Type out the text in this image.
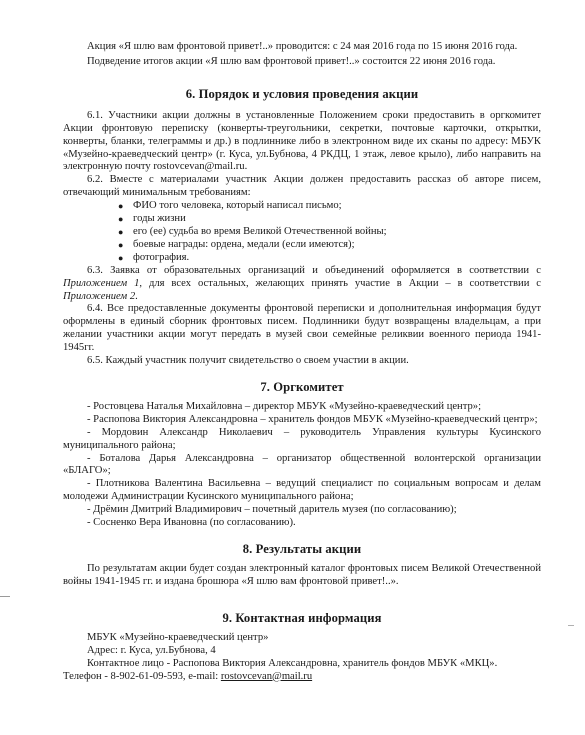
Акция «Я шлю вам фронтовой привет!..» проводится: с 24 мая 2016 года по 15 июня 2016 года.

Подведение итогов акции «Я шлю вам фронтовой привет!..» состоится 22 июня 2016 года.

6. Порядок и условия проведения акции

6.1. Участники акции должны в установленные Положением сроки предоставить в оргкомитет Акции фронтовую переписку (конверты-треугольники, секретки, почтовые карточки, открытки, конверты, бланки, телеграммы и др.) в подлиннике либо в электронном виде их сканы по адресу: МБУК «Музейно-краеведческий центр» (г. Куса, ул.Бубнова, 4 РКДЦ, 1 этаж, левое крыло), либо направить на электронную почту rostovcevan@mail.ru.

6.2. Вместе с материалами участник Акции должен предоставить рассказ об авторе писем, отвечающий минимальным требованиям:

● ФИО того человека, который написал письмо;
● годы жизни
● его (ее) судьба во время Великой Отечественной войны;
● боевые награды: ордена, медали (если имеются);
● фотография.

6.3. Заявка от образовательных организаций и объединений оформляется в соответствии с Приложением 1, для всех остальных, желающих принять участие в Акции – в соответствии с Приложением 2.

6.4. Все предоставленные документы фронтовой переписки и дополнительная информация будут оформлены в единый сборник фронтовых писем. Подлинники будут возвращены владельцам, а при желании участники акции могут передать в музей свои семейные реликвии военного периода 1941-1945гг.

6.5. Каждый участник получит свидетельство о своем участии в акции.

7. Оргкомитет

- Ростовцева Наталья Михайловна – директор МБУК «Музейно-краеведческий центр»;

- Распопова Виктория Александровна – хранитель фондов МБУК «Музейно-краеведческий центр»;

- Мордовин Александр Николаевич – руководитель Управления культуры Кусинского муниципального района;

- Боталова Дарья Александровна – организатор общественной волонтерской организации «БЛАГО»;

- Плотникова Валентина Васильевна – ведущий специалист по социальным вопросам и делам молодежи Администрации Кусинского муниципального района;

- Дрёмин Дмитрий Владимирович – почетный даритель музея (по согласованию);

- Сосненко Вера Ивановна (по согласованию).

8. Результаты акции

По результатам акции будет создан электронный каталог фронтовых писем Великой Отечественной войны 1941-1945 гг. и издана брошюра «Я шлю вам фронтовой привет!..».

9. Контактная информация

МБУК «Музейно-краеведческий центр»

Адрес: г. Куса, ул.Бубнова, 4

Контактное лицо - Распопова Виктория Александровна, хранитель фондов МБУК «МКЦ».

Телефон - 8-902-61-09-593, e-mail: rostovcevan@mail.ru
